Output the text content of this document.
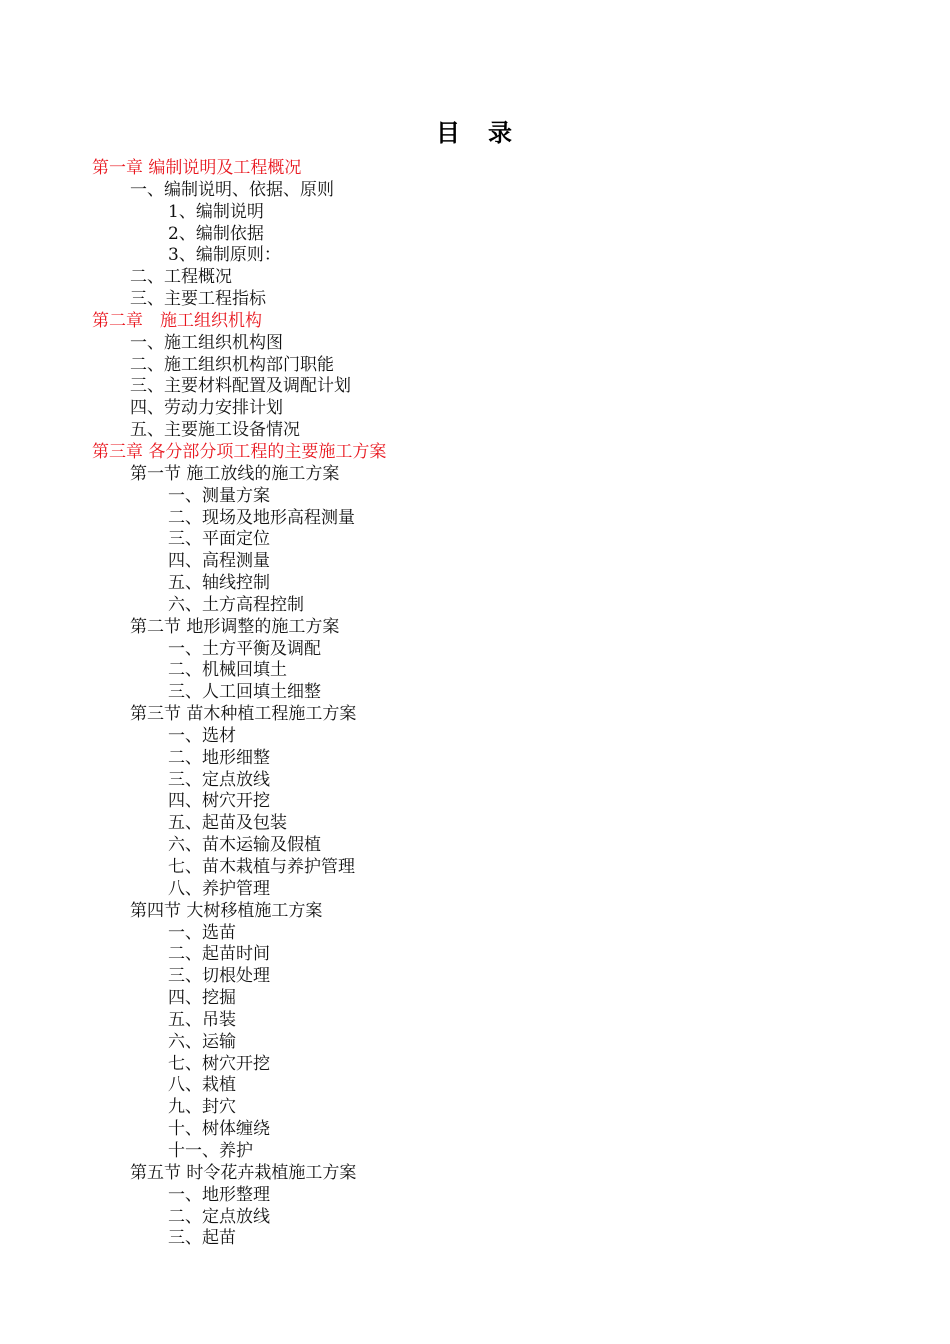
目　录
第一章 编制说明及工程概况
一、编制说明、依据、原则
1、编制说明
2、编制依据
3、编制原则：
二、工程概况
三、主要工程指标
第二章　施工组织机构
一、施工组织机构图
二、施工组织机构部门职能
三、主要材料配置及调配计划
四、劳动力安排计划
五、主要施工设备情况
第三章 各分部分项工程的主要施工方案
第一节 施工放线的施工方案
一、测量方案
二、现场及地形高程测量
三、平面定位
四、高程测量
五、轴线控制
六、土方高程控制
第二节 地形调整的施工方案
一、土方平衡及调配
二、机械回填土
三、人工回填土细整
第三节 苗木种植工程施工方案
一、选材
二、地形细整
三、定点放线
四、树穴开挖
五、起苗及包装
六、苗木运输及假植
七、苗木栽植与养护管理
八、养护管理
第四节 大树移植施工方案
一、选苗
二、起苗时间
三、切根处理
四、挖掘
五、吊装
六、运输
七、树穴开挖
八、栽植
九、封穴
十、树体缠绕
十一、养护
第五节 时令花卉栽植施工方案
一、地形整理
二、定点放线
三、起苗
